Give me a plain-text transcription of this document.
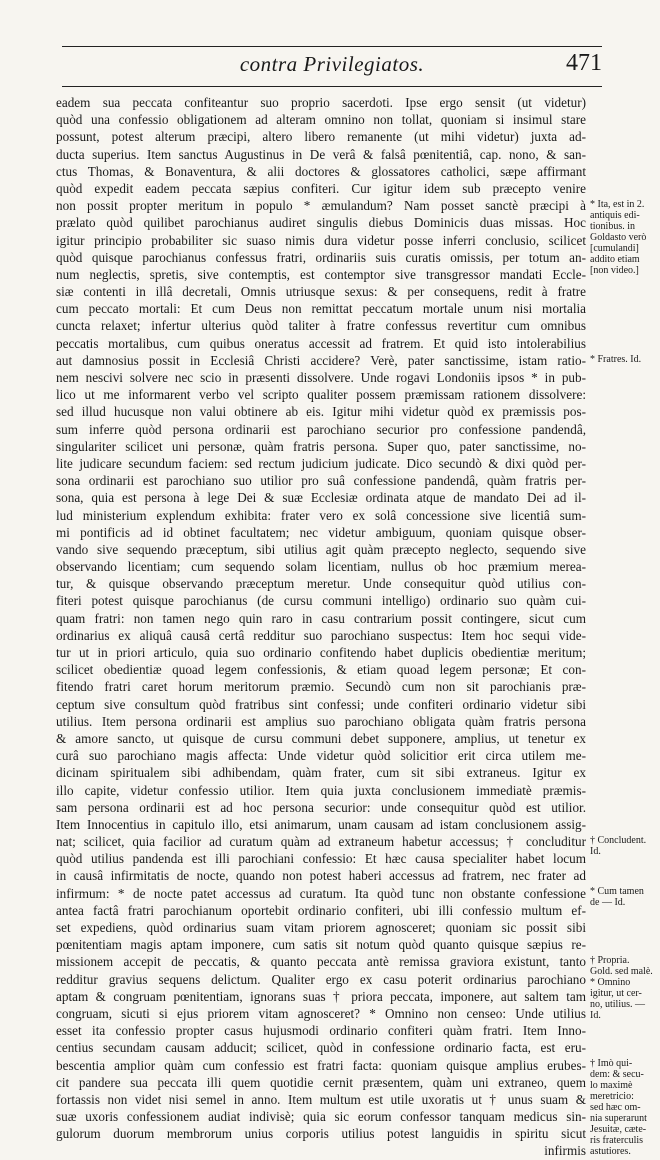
contra Privilegiatos.	471
eadem sua peccata confiteantur suo proprio sacerdoti. Ipse ergo sensit (ut videtur)
quòd una confessio obligationem ad alteram omnino non tollat, quoniam si insimul stare
possunt, potest alterum præcipi, altero libero remanente (ut mihi videtur) juxta ad-
ducta superius. Item sanctus Augustinus in De verâ & falsâ pœnitentiâ, cap. nono, & san-
ctus Thomas, & Bonaventura, & alii doctores & glossatores catholici, sæpe affirmant
quòd expedit eadem peccata sæpius confiteri. Cur igitur idem sub præcepto venire
non possit propter meritum in populo * æmulandum? Nam posset sanctè præcipi à
prælato quòd quilibet parochianus audiret singulis diebus Dominicis duas missas. Hoc
igitur principio probabiliter sic suaso nimis dura videtur posse inferri conclusio, scilicet
quòd quisque parochianus confessus fratri, ordinariis suis curatis omissis, per totum an-
num neglectis, spretis, sive contemptis, est contemptor sive transgressor mandati Eccle-
siæ contenti in illâ decretali, Omnis utriusque sexus: & per consequens, redit à fratre
cum peccato mortali: Et cum Deus non remittat peccatum mortale unum nisi mortalia
cuncta relaxet; infertur ulterius quòd taliter à fratre confessus revertitur cum omnibus
peccatis mortalibus, cum quibus oneratus accessit ad fratrem. Et quid isto intolerabilius
aut damnosius possit in Ecclesiâ Christi accidere? Verè, pater sanctissime, istam ratio-
nem nescivi solvere nec scio in præsenti dissolvere. Unde rogavi Londoniis ipsos * in pub-
lico ut me informarent verbo vel scripto qualiter possem præmissam rationem dissolvere:
sed illud hucusque non valui obtinere ab eis. Igitur mihi videtur quòd ex præmissis pos-
sum inferre quòd persona ordinarii est parochiano securior pro confessione pandendâ,
singulariter scilicet uni personæ, quàm fratris persona. Super quo, pater sanctissime, no-
lite judicare secundum faciem: sed rectum judicium judicate. Dico secundò & dixi quòd per-
sona ordinarii est parochiano suo utilior pro suâ confessione pandendâ, quàm fratris per-
sona, quia est persona à lege Dei & suæ Ecclesiæ ordinata atque de mandato Dei ad il-
lud ministerium explendum exhibita: frater vero ex solâ concessione sive licentiâ sum-
mi pontificis ad id obtinet facultatem; nec videtur ambiguum, quoniam quisque obser-
vando sive sequendo præceptum, sibi utilius agit quàm præcepto neglecto, sequendo sive
observando licentiam; cum sequendo solam licentiam, nullus ob hoc præmium merea-
tur, & quisque observando præceptum meretur. Unde consequitur quòd utilius con-
fiteri potest quisque parochianus (de cursu communi intelligo) ordinario suo quàm cui-
quam fratri: non tamen nego quin raro in casu contrarium possit contingere, sicut cum
ordinarius ex aliquâ causâ certâ redditur suo parochiano suspectus: Item hoc sequi vide-
tur ut in priori articulo, quia suo ordinario confitendo habet duplicis obedientiæ meritum;
scilicet obedientiæ quoad legem confessionis, & etiam quoad legem personæ; Et con-
fitendo fratri caret horum meritorum præmio. Secundò cum non sit parochianis præ-
ceptum sive consultum quòd fratribus sint confessi; unde confiteri ordinario videtur sibi
utilius. Item persona ordinarii est amplius suo parochiano obligata quàm fratris persona
& amore sancto, ut quisque de cursu communi debet supponere, amplius, ut tenetur ex
curâ suo parochiano magis affecta: Unde videtur quòd solicitior erit circa utilem me-
dicinam spiritualem sibi adhibendam, quàm frater, cum sit sibi extraneus. Igitur ex
illo capite, videtur confessio utilior. Item quia juxta conclusionem immediatè præmis-
sam persona ordinarii est ad hoc persona securior: unde consequitur quòd est utilior.
Item Innocentius in capitulo illo, etsi animarum, unam causam ad istam conclusionem assig-
nat; scilicet, quia facilior ad curatum quàm ad extraneum habetur accessus; † concluditur
quòd utilius pandenda est illi parochiani confessio: Et hæc causa specialiter habet locum
in causâ infirmitatis de nocte, quando non potest haberi accessus ad fratrem, nec frater ad
infirmum: * de nocte patet accessus ad curatum. Ita quòd tunc non obstante confessione
antea factâ fratri parochianum oportebit ordinario confiteri, ubi illi confessio multum ef-
set expediens, quòd ordinarius suam vitam priorem agnosceret; quoniam sic possit sibi
pœnitentiam magis aptam imponere, cum satis sit notum quòd quanto quisque sæpius re-
missionem accepit de peccatis, & quanto peccata antè remissa graviora existunt, tanto
redditur gravius sequens delictum. Qualiter ergo ex casu poterit ordinarius parochiano
aptam & congruam pœnitentiam, ignorans suas † priora peccata, imponere, aut saltem tam
congruam, sicuti si ejus priorem vitam agnosceret? * Omnino non censeo: Unde utilius
esset ita confessio propter casus hujusmodi ordinario confiteri quàm fratri. Item Inno-
centius secundam causam adducit; scilicet, quòd in confessione ordinario facta, est eru-
bescentia amplior quàm cum confessio est fratri facta: quoniam quisque amplius erubes-
cit pandere sua peccata illi quem quotidie cernit præsentem, quàm uni extraneo, quem
fortassis non videt nisi semel in anno. Item multum est utile uxoratis ut † unus suam &
suæ uxoris confessionem audiat indivisè; quia sic eorum confessor tanquam medicus sin-
gulorum duorum membrorum unius corporis utilius potest languidis in spiritu sicut
infirmis
* Ita, est in 2.
antiquis edi-
tionibus. in
Goldasto verò
[cumulandi]
addito etiam
[non video.]
* Fratres. Id.
† Concludent.
Id.
* Cum tamen
de — Id.
† Propria.
Gold. sed malè.
* Omnino
igitur, ut cer-
no, utilius. —
Id.
† Imò qui-
dem: & secu-
lo maximè
meretricio:
sed hæc om-
nia superarunt
Jesuitæ, cæte-
ris fraterculis
astutiores.
